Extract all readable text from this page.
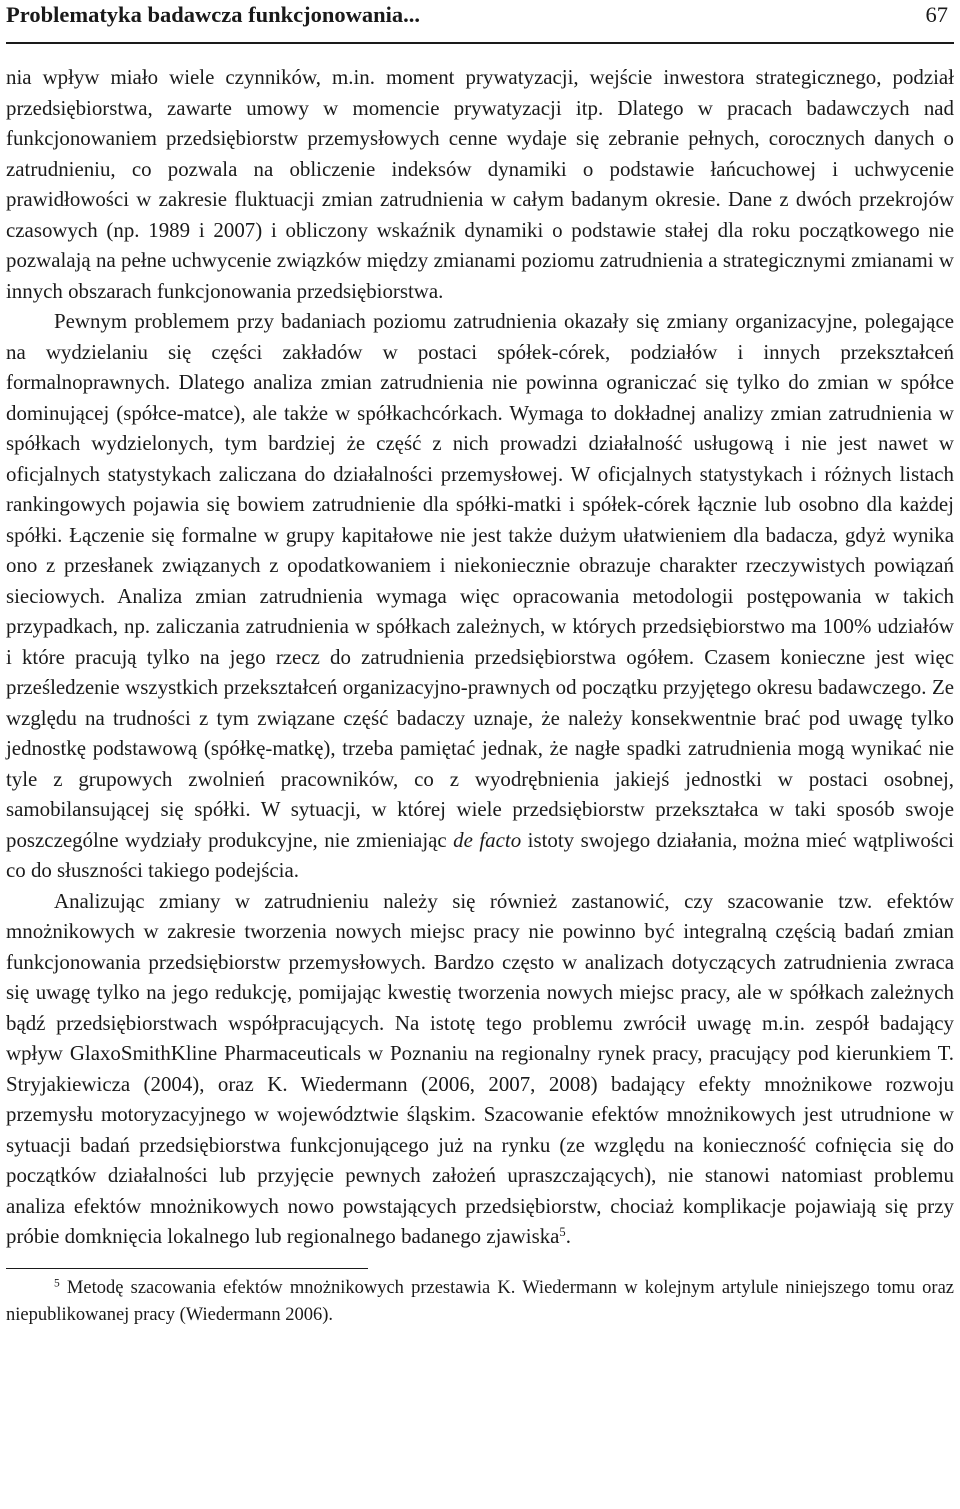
Problematyka badawcza funkcjonowania...	67

nia wpływ miało wiele czynników, m.in. moment prywatyzacji, wejście inwestora strategicznego, podział przedsiębiorstwa, zawarte umowy w momencie prywatyzacji itp. Dlatego w pracach badawczych nad funkcjonowaniem przedsiębiorstw przemysłowych cenne wydaje się zebranie pełnych, corocznych danych o zatrudnieniu, co pozwala na obliczenie indeksów dynamiki o podstawie łańcuchowej i uchwycenie prawidłowości w zakresie fluktuacji zmian zatrudnienia w całym badanym okresie. Dane z dwóch przekrojów czasowych (np. 1989 i 2007) i obliczony wskaźnik dynamiki o podstawie stałej dla roku początkowego nie pozwalają na pełne uchwycenie związków między zmianami poziomu zatrudnienia a strategicznymi zmianami w innych obszarach funkcjonowania przedsiębiorstwa.

Pewnym problemem przy badaniach poziomu zatrudnienia okazały się zmiany organizacyjne, polegające na wydzielaniu się części zakładów w postaci spółek-córek, podziałów i innych przekształceń formalnoprawnych. Dlatego analiza zmian zatrudnienia nie powinna ograniczać się tylko do zmian w spółce dominującej (spółce-matce), ale także w spółkachcórkach. Wymaga to dokładnej analizy zmian zatrudnienia w spółkach wydzielonych, tym bardziej że część z nich prowadzi działalność usługową i nie jest nawet w oficjalnych statystykach zaliczana do działalności przemysłowej. W oficjalnych statystykach i różnych listach rankingowych pojawia się bowiem zatrudnienie dla spółki-matki i spółek-córek łącznie lub osobno dla każdej spółki. Łączenie się formalne w grupy kapitałowe nie jest także dużym ułatwieniem dla badacza, gdyż wynika ono z przesłanek związanych z opodatkowaniem i niekoniecznie obrazuje charakter rzeczywistych powiązań sieciowych. Analiza zmian zatrudnienia wymaga więc opracowania metodologii postępowania w takich przypadkach, np. zaliczania zatrudnienia w spółkach zależnych, w których przedsiębiorstwo ma 100% udziałów i które pracują tylko na jego rzecz do zatrudnienia przedsiębiorstwa ogółem. Czasem konieczne jest więc prześledzenie wszystkich przekształceń organizacyjno-prawnych od początku przyjętego okresu badawczego. Ze względu na trudności z tym związane część badaczy uznaje, że należy konsekwentnie brać pod uwagę tylko jednostkę podstawową (spółkę-matkę), trzeba pamiętać jednak, że nagłe spadki zatrudnienia mogą wynikać nie tyle z grupowych zwolnień pracowników, co z wyodrębnienia jakiejś jednostki w postaci osobnej, samobilansującej się spółki. W sytuacji, w której wiele przedsiębiorstw przekształca w taki sposób swoje poszczególne wydziały produkcyjne, nie zmieniając de facto istoty swojego działania, można mieć wątpliwości co do słuszności takiego podejścia.

Analizując zmiany w zatrudnieniu należy się również zastanowić, czy szacowanie tzw. efektów mnożnikowych w zakresie tworzenia nowych miejsc pracy nie powinno być integralną częścią badań zmian funkcjonowania przedsiębiorstw przemysłowych. Bardzo często w analizach dotyczących zatrudnienia zwraca się uwagę tylko na jego redukcję, pomijając kwestię tworzenia nowych miejsc pracy, ale w spółkach zależnych bądź przedsiębiorstwach współpracujących. Na istotę tego problemu zwrócił uwagę m.in. zespół badający wpływ GlaxoSmithKline Pharmaceuticals w Poznaniu na regionalny rynek pracy, pracujący pod kierunkiem T. Stryjakiewicza (2004), oraz K. Wiedermann (2006, 2007, 2008) badający efekty mnożnikowe rozwoju przemysłu motoryzacyjnego w województwie śląskim. Szacowanie efektów mnożnikowych jest utrudnione w sytuacji badań przedsiębiorstwa funkcjonującego już na rynku (ze względu na konieczność cofnięcia się do początków działalności lub przyjęcie pewnych założeń upraszczających), nie stanowi natomiast problemu analiza efektów mnożnikowych nowo powstających przedsiębiorstw, chociaż komplikacje pojawiają się przy próbie domknięcia lokalnego lub regionalnego badanego zjawiska$^5$.

$^5$ Metodę szacowania efektów mnożnikowych przestawia K. Wiedermann w kolejnym artylule niniejszego tomu oraz niepublikowanej pracy (Wiedermann 2006).
